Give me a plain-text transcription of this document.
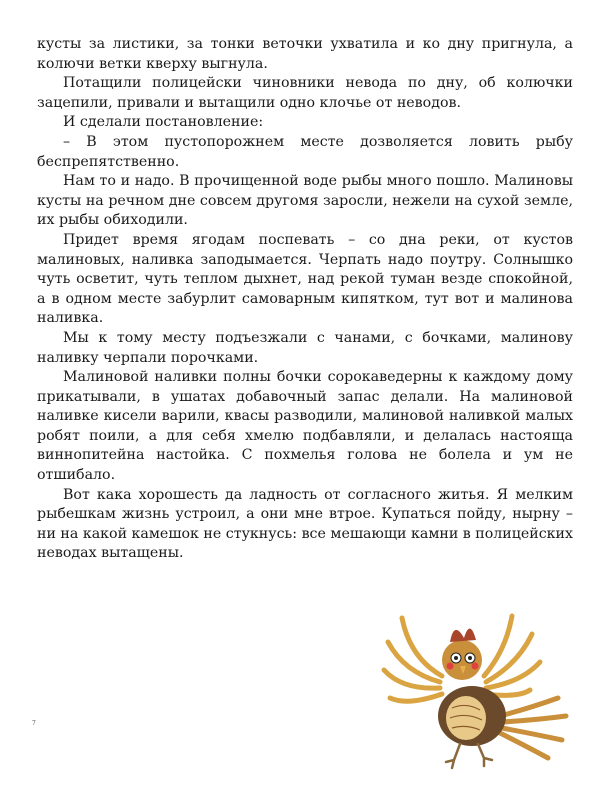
кусты за листики, за тонки веточки ухватила и ко дну пригнула, а колючи ветки кверху выгнула.

Потащили полицейски чиновники невода по дну, об колючки зацепили, привали и вытащили одно клочье от неводов.

И сделали постановление:

– В этом пустопорожнем месте дозволяется ловить рыбу беспрепятственно.

Нам то и надо. В прочищенной воде рыбы много пошло. Малиновы кусты на речном дне совсем другомя заросли, нежели на сухой земле, их рыбы обиходили.

Придет время ягодам поспевать – со дна реки, от кустов малиновых, наливка заподымается. Черпать надо поутру. Солнышко чуть осветит, чуть теплом дыхнет, над рекой туман везде спокойной, а в одном месте забурлит самоварным кипятком, тут вот и малинова наливка.

Мы к тому месту подъезжали с чанами, с бочками, малинову наливку черпали порочками.

Малиновой наливки полны бочки сорокаведерны к каждому дому прикатывали, в ушатах добавочный запас делали. На малиновой наливке кисели варили, квасы разводили, малиновой наливкой малых робят поили, а для себя хмелю подбавляли, и делалась настояща виннопитейна настойка. С похмелья голова не болела и ум не отшибало.

Вот кака хорошесть да ладность от согласного житья. Я мелким рыбешкам жизнь устроил, а они мне втрое. Купаться пойду, нырну – ни на какой камешок не стукнусь: все мешающи камни в полицейских неводах вытащены.

7
